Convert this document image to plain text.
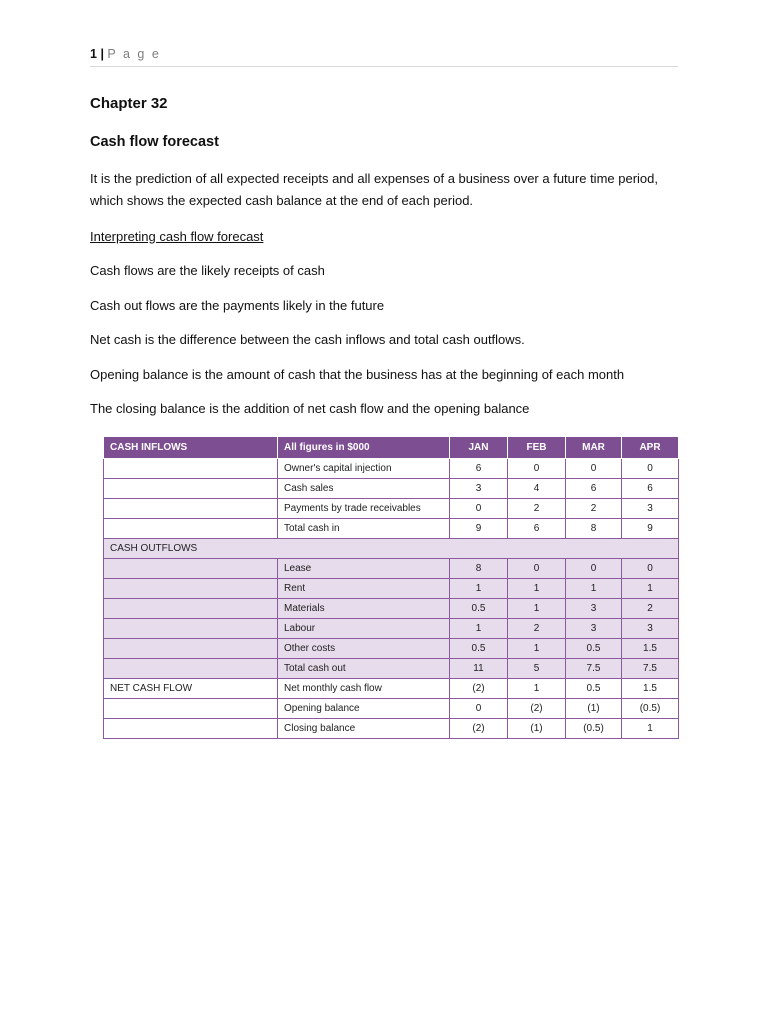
1 | P a g e
Chapter 32
Cash flow forecast

It is the prediction of all expected receipts and all expenses of a business over a future time period, which shows the expected cash balance at the end of each period.

Interpreting cash flow forecast

Cash flows are the likely receipts of cash

Cash out flows are the payments likely in the future

Net cash is the difference between the cash inflows and total cash outflows.

Opening balance is the amount of cash that the business has at the beginning of each month

The closing balance is the addition of net cash flow and the opening balance

CASH INFLOWS	All figures in $000	JAN	FEB	MAR	APR
	Owner's capital injection	6	0	0	0
	Cash sales	3	4	6	6
	Payments by trade receivables	0	2	2	3
	Total cash in	9	6	8	9
CASH OUTFLOWS					
	Lease	8	0	0	0
	Rent	1	1	1	1
	Materials	0.5	1	3	2
	Labour	1	2	3	3
	Other costs	0.5	1	0.5	1.5
	Total cash out	11	5	7.5	7.5
NET CASH FLOW	Net monthly cash flow	(2)	1	0.5	1.5
	Opening balance	0	(2)	(1)	(0.5)
	Closing balance	(2)	(1)	(0.5)	1
